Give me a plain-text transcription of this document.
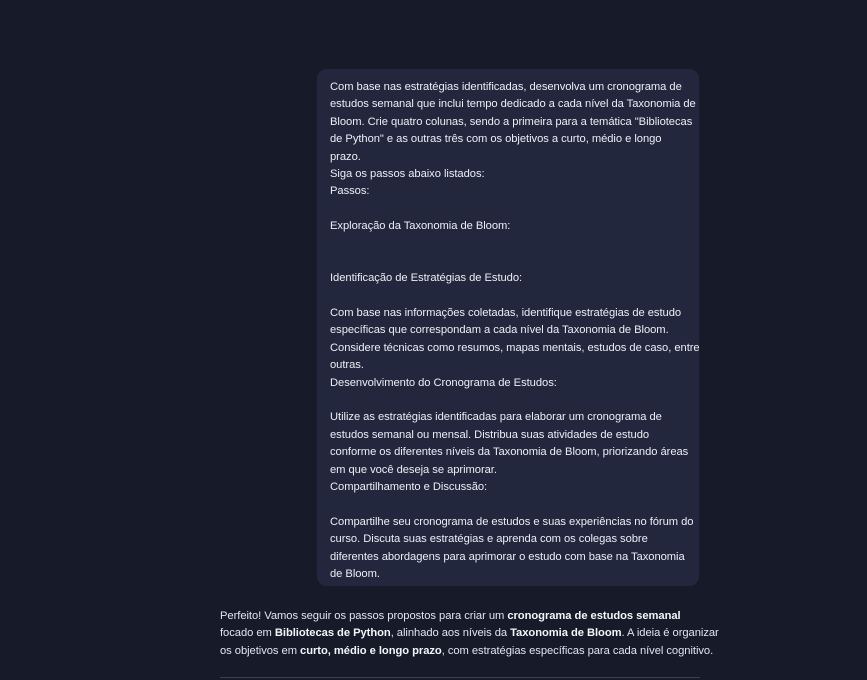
Com base nas estratégias identificadas, desenvolva um cronograma de
estudos semanal que inclui tempo dedicado a cada nível da Taxonomia de
Bloom. Crie quatro colunas, sendo a primeira para a temática "Bibliotecas
de Python" e as outras três com os objetivos a curto, médio e longo
prazo.
Siga os passos abaixo listados:
Passos:
Exploração da Taxonomia de Bloom:
Identificação de Estratégias de Estudo:
Com base nas informações coletadas, identifique estratégias de estudo
específicas que correspondam a cada nível da Taxonomia de Bloom.
Considere técnicas como resumos, mapas mentais, estudos de caso, entre
outras.
Desenvolvimento do Cronograma de Estudos:
Utilize as estratégias identificadas para elaborar um cronograma de
estudos semanal ou mensal. Distribua suas atividades de estudo
conforme os diferentes níveis da Taxonomia de Bloom, priorizando áreas
em que você deseja se aprimorar.
Compartilhamento e Discussão:
Compartilhe seu cronograma de estudos e suas experiências no fórum do
curso. Discuta suas estratégias e aprenda com os colegas sobre
diferentes abordagens para aprimorar o estudo com base na Taxonomia
de Bloom.
Perfeito! Vamos seguir os passos propostos para criar um cronograma de estudos semanal
focado em Bibliotecas de Python, alinhado aos níveis da Taxonomia de Bloom. A ideia é organizar
os objetivos em curto, médio e longo prazo, com estratégias específicas para cada nível cognitivo.
